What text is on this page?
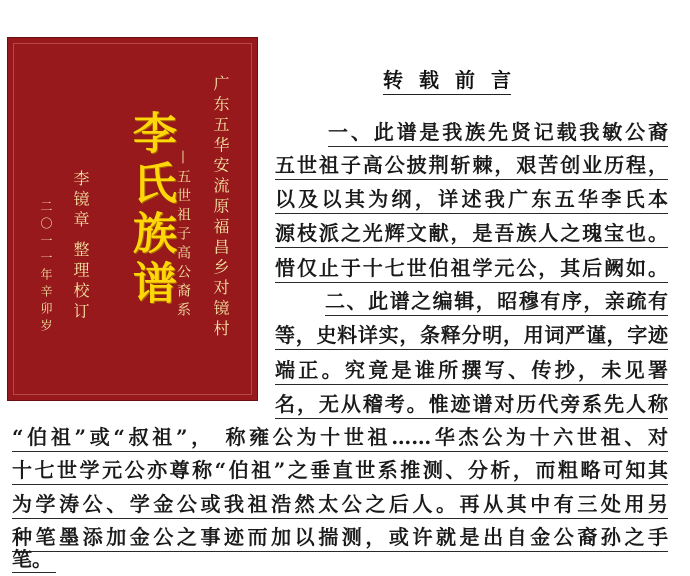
广东五华安流原福昌乡对镜村
—五世祖子高公裔系
李氏族谱
李镜章 整理校订
二〇一一年辛卯岁
转载前言
一、此谱是我族先贤记载我敏公裔
五世祖子高公披荆斩棘，艰苦创业历程，
以及以其为纲，详述我广东五华李氏本
源枝派之光辉文献，是吾族人之瑰宝也。
惜仅止于十七世伯祖学元公，其后阙如。
二、此谱之编辑，昭穆有序，亲疏有
等，史料详实，条释分明，用词严谨，字迹
端正。究竟是谁所撰写、传抄，未见署
名，无从稽考。惟迹谱对历代旁系先人称
“伯祖”或“叔祖”， 称雍公为十世祖……华杰公为十六世祖、对
十七世学元公亦尊称“伯祖”之垂直世系推测、分析，而粗略可知其
为学涛公、学金公或我祖浩然太公之后人。再从其中有三处用另
种笔墨添加金公之事迹而加以揣测，或许就是出自金公裔孙之手
笔。
